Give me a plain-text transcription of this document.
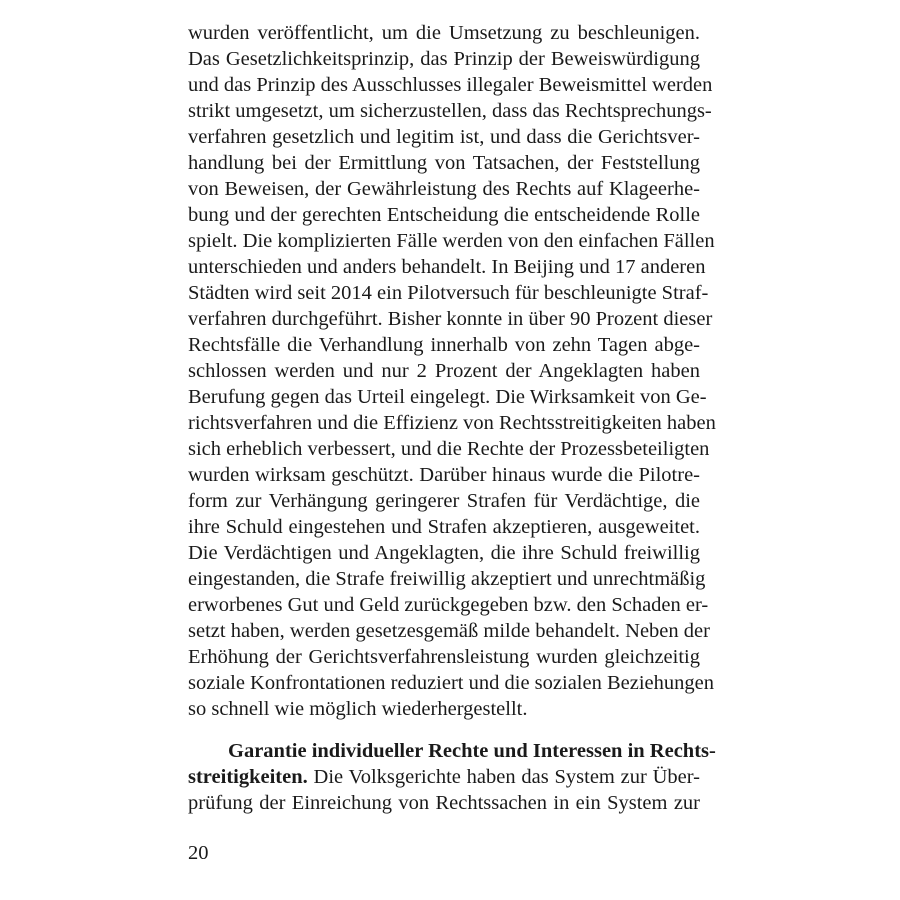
wurden veröffentlicht, um die Umsetzung zu beschleunigen.
Das Gesetzlichkeitsprinzip, das Prinzip der Beweiswürdigung
und das Prinzip des Ausschlusses illegaler Beweismittel werden
strikt umgesetzt, um sicherzustellen, dass das Rechtsprechungs-
verfahren gesetzlich und legitim ist, und dass die Gerichtsver-
handlung bei der Ermittlung von Tatsachen, der Feststellung
von Beweisen, der Gewährleistung des Rechts auf Klageerhe-
bung und der gerechten Entscheidung die entscheidende Rolle
spielt. Die komplizierten Fälle werden von den einfachen Fällen
unterschieden und anders behandelt. In Beijing und 17 anderen
Städten wird seit 2014 ein Pilotversuch für beschleunigte Straf-
verfahren durchgeführt. Bisher konnte in über 90 Prozent dieser
Rechtsfälle die Verhandlung innerhalb von zehn Tagen abge-
schlossen werden und nur 2 Prozent der Angeklagten haben
Berufung gegen das Urteil eingelegt. Die Wirksamkeit von Ge-
richtsverfahren und die Effizienz von Rechtsstreitigkeiten haben
sich erheblich verbessert, und die Rechte der Prozessbeteiligten
wurden wirksam geschützt. Darüber hinaus wurde die Pilotre-
form zur Verhängung geringerer Strafen für Verdächtige, die
ihre Schuld eingestehen und Strafen akzeptieren, ausgeweitet.
Die Verdächtigen und Angeklagten, die ihre Schuld freiwillig
eingestanden, die Strafe freiwillig akzeptiert und unrechtmäßig
erworbenes Gut und Geld zurückgegeben bzw. den Schaden er-
setzt haben, werden gesetzesgemäß milde behandelt. Neben der
Erhöhung der Gerichtsverfahrensleistung wurden gleichzeitig
soziale Konfrontationen reduziert und die sozialen Beziehungen
so schnell wie möglich wiederhergestellt.
Garantie individueller Rechte und Interessen in Rechts-
streitigkeiten. Die Volksgerichte haben das System zur Über-
prüfung der Einreichung von Rechtssachen in ein System zur
20
